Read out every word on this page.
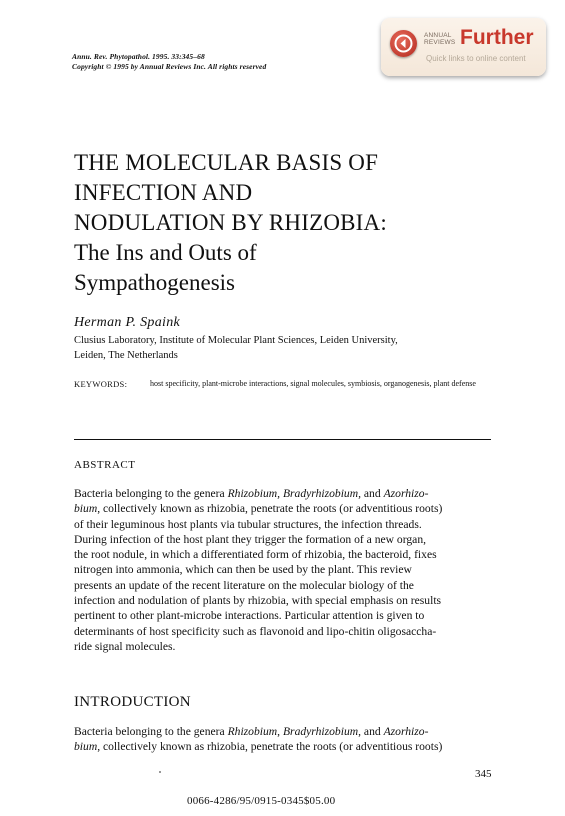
Annu. Rev. Phytopathol. 1995. 33:345–68
Copyright © 1995 by Annual Reviews Inc. All rights reserved
ANNUAL
REVIEWS Further
Quick links to online content
THE MOLECULAR BASIS OF
INFECTION AND
NODULATION BY RHIZOBIA:
The Ins and Outs of
Sympathogenesis
Herman P. Spaink
Clusius Laboratory, Institute of Molecular Plant Sciences, Leiden University,
Leiden, The Netherlands
KEYWORDS:	host specificity, plant-microbe interactions, signal molecules, symbiosis, organogenesis, plant defense
ABSTRACT
Bacteria belonging to the genera Rhizobium, Bradyrhizobium, and Azorhizo-
bium, collectively known as rhizobia, penetrate the roots (or adventitious roots)
of their leguminous host plants via tubular structures, the infection threads.
During infection of the host plant they trigger the formation of a new organ,
the root nodule, in which a differentiated form of rhizobia, the bacteroid, fixes
nitrogen into ammonia, which can then be used by the plant. This review
presents an update of the recent literature on the molecular biology of the
infection and nodulation of plants by rhizobia, with special emphasis on results
pertinent to other plant-microbe interactions. Particular attention is given to
determinants of host specificity such as flavonoid and lipo-chitin oligosaccha-
ride signal molecules.
INTRODUCTION
Bacteria belonging to the genera Rhizobium, Bradyrhizobium, and Azorhizo-
bium, collectively known as rhizobia, penetrate the roots (or adventitious roots)
345
0066-4286/95/0915-0345$05.00
